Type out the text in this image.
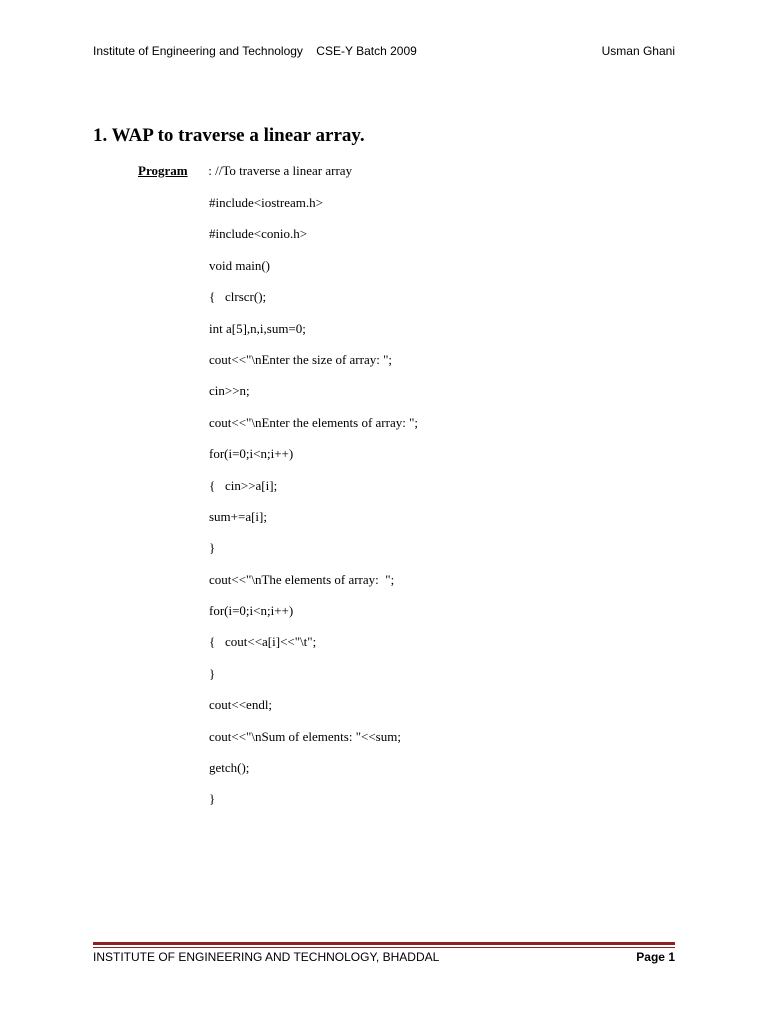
Institute of Engineering and Technology CSE-Y Batch 2009	Usman Ghani
1. WAP to traverse a linear array.
Program : //To traverse a linear array
#include<iostream.h>
#include<conio.h>
void main()
{   clrscr();
int a[5],n,i,sum=0;
cout<<"\nEnter the size of array: ";
cin>>n;
cout<<"\nEnter the elements of array: ";
for(i=0;i<n;i++)
{   cin>>a[i];
sum+=a[i];
}
cout<<"\nThe elements of array:  ";
for(i=0;i<n;i++)
{   cout<<a[i]<<"\t";
}
cout<<endl;
cout<<"\nSum of elements: "<<sum;
getch();
}
INSTITUTE OF ENGINEERING AND TECHNOLOGY, BHADDAL	Page 1
